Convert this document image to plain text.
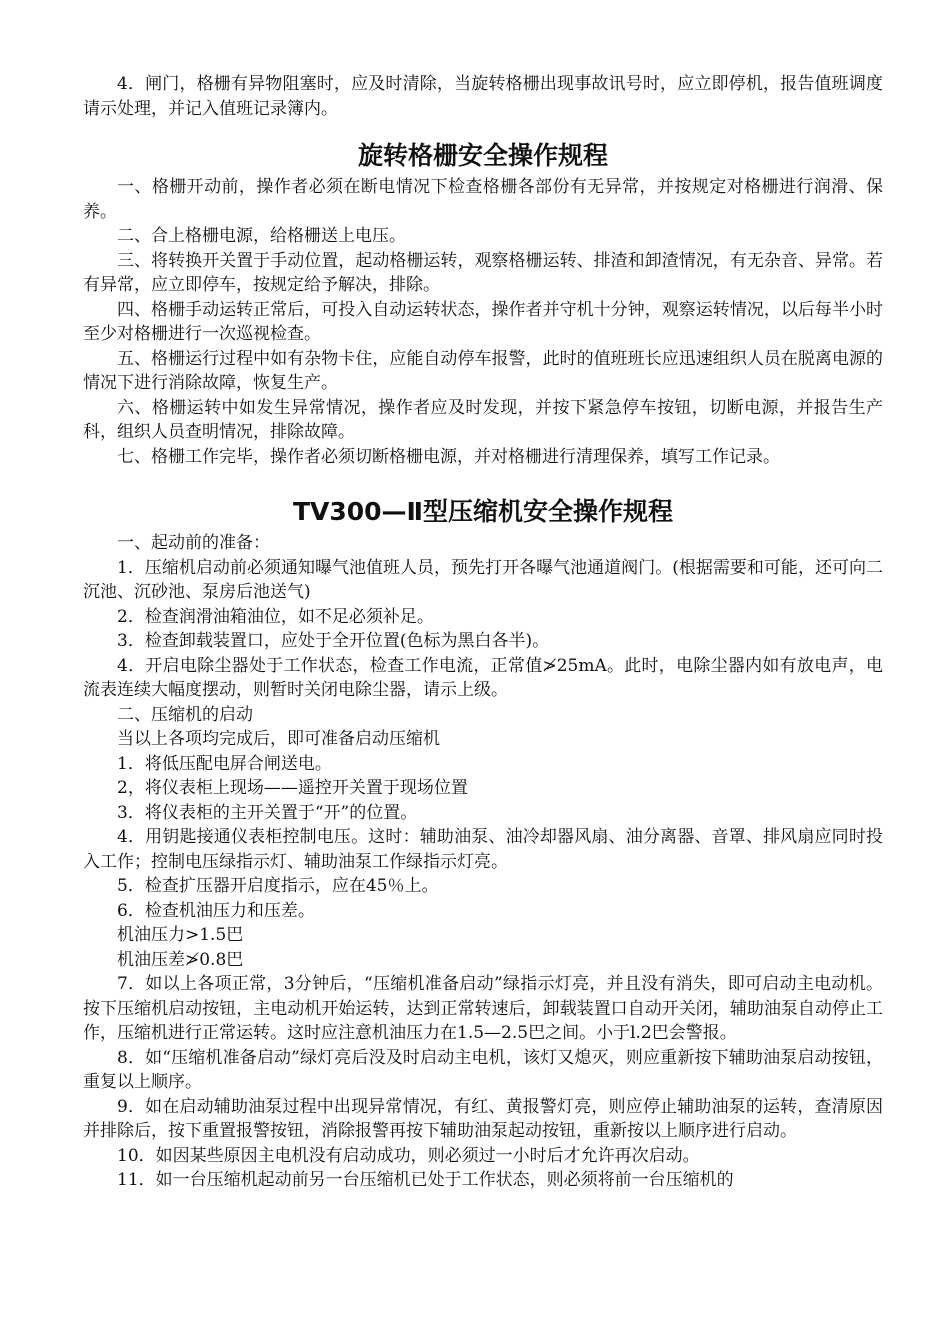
4．闸门，格栅有异物阻塞时，应及时清除，当旋转格栅出现事故讯号时，应立即停机，报告值班调度请示处理，并记入值班记录簿内。

旋转格栅安全操作规程

一、格栅开动前，操作者必须在断电情况下检查格栅各部份有无异常，并按规定对格栅进行润滑、保养。

二、合上格栅电源，给格栅送上电压。

三、将转换开关置于手动位置，起动格栅运转，观察格栅运转、排渣和卸渣情况，有无杂音、异常。若有异常，应立即停车，按规定给予解决，排除。

四、格栅手动运转正常后，可投入自动运转状态，操作者并守机十分钟，观察运转情况，以后每半小时至少对格栅进行一次巡视检查。

五、格栅运行过程中如有杂物卡住，应能自动停车报警，此时的值班班长应迅速组织人员在脱离电源的情况下进行消除故障，恢复生产。

六、格栅运转中如发生异常情况，操作者应及时发现，并按下紧急停车按钮，切断电源，并报告生产科，组织人员查明情况，排除故障。

七、格栅工作完毕，操作者必须切断格栅电源，并对格栅进行清理保养，填写工作记录。

TV300—Ⅱ型压缩机安全操作规程

一、起动前的准备：

1．压缩机启动前必须通知曝气池值班人员，预先打开各曝气池通道阀门。(根据需要和可能，还可向二沉池、沉砂池、泵房后池送气)

2．检查润滑油箱油位，如不足必须补足。

3．检查卸载装置口，应处于全开位置(色标为黑白各半)。

4．开启电除尘器处于工作状态，检查工作电流，正常值≯25mA。此时，电除尘器内如有放电声，电流表连续大幅度摆动，则暂时关闭电除尘器，请示上级。

二、压缩机的启动

当以上各项均完成后，即可准备启动压缩机

1．将低压配电屏合闸送电。

2，将仪表柜上现场——遥控开关置于现场位置

3．将仪表柜的主开关置于“开”的位置。

4．用钥匙接通仪表柜控制电压。这时：辅助油泵、油冷却器风扇、油分离器、音罩、排风扇应同时投入工作；控制电压绿指示灯、辅助油泵工作绿指示灯亮。

5．检查扩压器开启度指示，应在45％上。

6．检查机油压力和压差。

机油压力>1.5巴

机油压差≯0.8巴

7．如以上各项正常，3分钟后，“压缩机准备启动”绿指示灯亮，并且没有消失，即可启动主电动机。按下压缩机启动按钮，主电动机开始运转，达到正常转速后，卸载装置口自动开关闭，辅助油泵自动停止工作，压缩机进行正常运转。这时应注意机油压力在1.5—2.5巴之间。小于l.2巴会警报。

8．如“压缩机准备启动”绿灯亮后没及时启动主电机，该灯又熄灭，则应重新按下辅助油泵启动按钮，重复以上顺序。

9．如在启动辅助油泵过程中出现异常情况，有红、黄报警灯亮，则应停止辅助油泵的运转，查清原因并排除后，按下重置报警按钮，消除报警再按下辅助油泵起动按钮，重新按以上顺序进行启动。

10．如因某些原因主电机没有启动成功，则必须过一小时后才允许再次启动。

11．如一台压缩机起动前另一台压缩机已处于工作状态，则必须将前一台压缩机的
